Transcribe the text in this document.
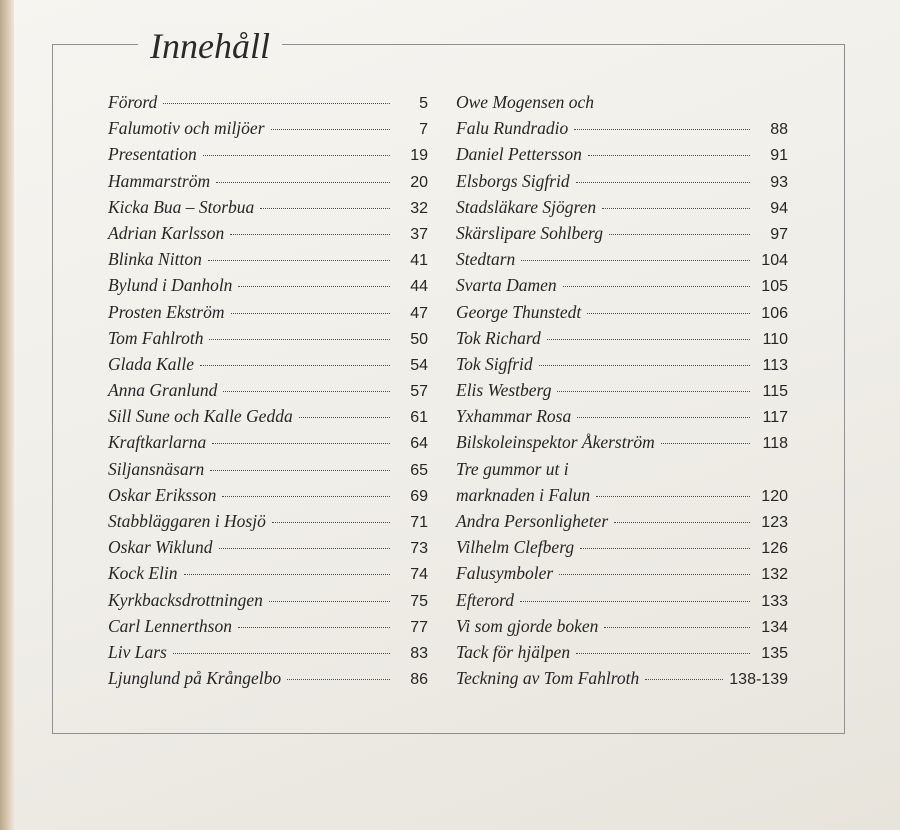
Innehåll
Förord	5
Falumotiv och miljöer	7
Presentation	19
Hammarström	20
Kicka Bua – Storbua	32
Adrian Karlsson	37
Blinka Nitton	41
Bylund i Danholn	44
Prosten Ekström	47
Tom Fahlroth	50
Glada Kalle	54
Anna Granlund	57
Sill Sune och Kalle Gedda	61
Kraftkarlarna	64
Siljansnäsarn	65
Oskar Eriksson	69
Stabbläggaren i Hosjö	71
Oskar Wiklund	73
Kock Elin	74
Kyrkbacksdrottningen	75
Carl Lennerthson	77
Liv Lars	83
Ljunglund på Krångelbo	86
Owe Mogensen och
Falu Rundradio	88
Daniel Pettersson	91
Elsborgs Sigfrid	93
Stadsläkare Sjögren	94
Skärslipare Sohlberg	97
Stedtarn	104
Svarta Damen	105
George Thunstedt	106
Tok Richard	110
Tok Sigfrid	113
Elis Westberg	115
Yxhammar Rosa	117
Bilskoleinspektor Åkerström	118
Tre gummor ut i
marknaden i Falun	120
Andra Personligheter	123
Vilhelm Clefberg	126
Falusymboler	132
Efterord	133
Vi som gjorde boken	134
Tack för hjälpen	135
Teckning av Tom Fahlroth	138-139
